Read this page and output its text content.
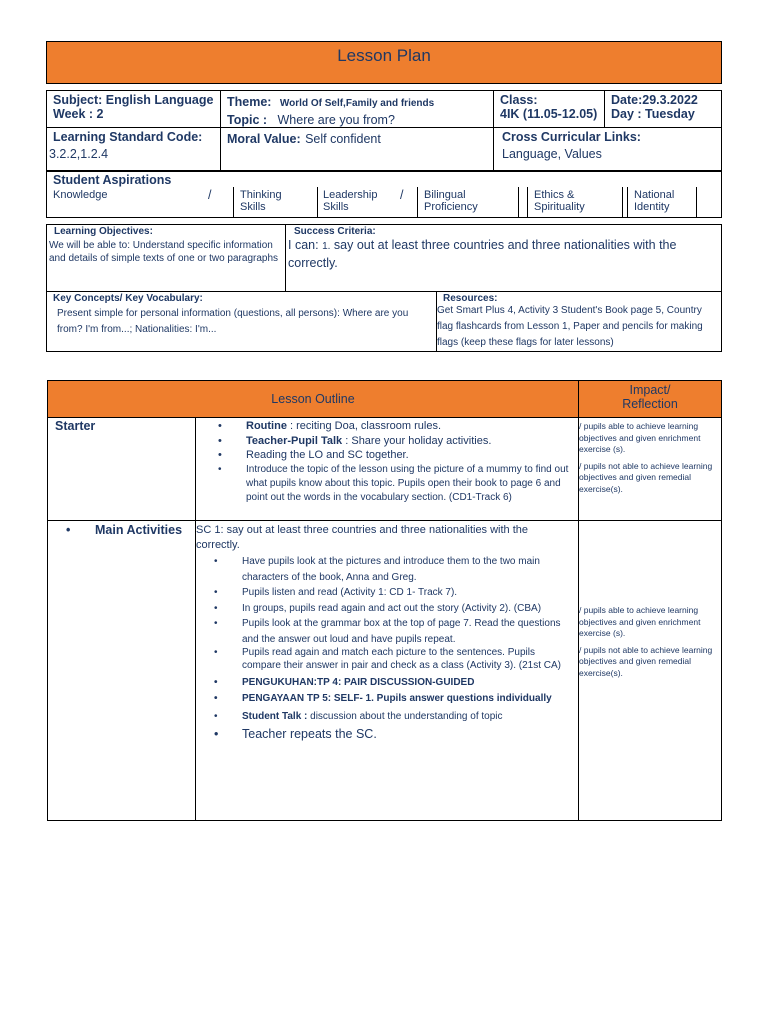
Lesson Plan
Subject: English Language
Week : 2
Theme: World Of Self,Family and friends
Topic : Where are you from?
Class:
4IK (11.05-12.05)
Date:29.3.2022
Day : Tuesday
Learning Standard Code:
3.2.2,1.2.4
Moral Value: Self confident	Cross Curricular Links:
Language, Values
Student Aspirations
Knowledge	/	Thinking
Skills
Leadership
Skills
/ Bilingual
Proficiency
Ethics &
Spirituality
National
Identity
Learning Objectives:
We will be able to: Understand specific information and details of simple texts of one or two paragraphs
Success Criteria:
I can: 1. say out at least three countries and three nationalities with the correctly.
Key Concepts/ Key Vocabulary:
Present simple for personal information (questions, all persons): Where are you from? I'm from...; Nationalities: I'm...
Resources:
Get Smart Plus 4, Activity 3 Student's Book page 5, Country flag flashcards from Lesson 1, Paper and pencils for making flags (keep these flags for later lessons)
Lesson Outline
Impact/
Reflection
Starter
•	Routine : reciting Doa, classroom rules.
• Teacher-Pupil Talk : Share your holiday activities.
• Reading the LO and SC together.
• Introduce the topic of the lesson using the picture of a mummy to find out what pupils know about this topic. Pupils open their book to page 6 and point out the words in the vocabulary section. (CD1-Track 6)
/ pupils able to achieve learning objectives and given enrichment exercise (s).
/ pupils not able to achieve learning objectives and given remedial exercise(s).
• Main Activities	SC 1: say out at least three countries and three nationalities with the correctly.
• Have pupils look at the pictures and introduce them to the two main characters of the book, Anna and Greg.
• Pupils listen and read (Activity 1: CD 1- Track 7).
• In groups, pupils read again and act out the story (Activity 2). (CBA)
• Pupils look at the grammar box at the top of page 7. Read the questions and the answer out loud and have pupils repeat.
• Pupils read again and match each picture to the sentences. Pupils compare their answer in pair and check as a class (Activity 3). (21st CA)
• PENGUKUHAN:TP 4: PAIR DISCUSSION-GUIDED
• PENGAYAAN TP 5: SELF- 1. Pupils answer questions individually
• Student Talk : discussion about the understanding of topic
• Teacher repeats the SC.
/ pupils able to achieve learning objectives and given enrichment exercise (s).
/ pupils not able to achieve learning objectives and given remedial exercise(s).
